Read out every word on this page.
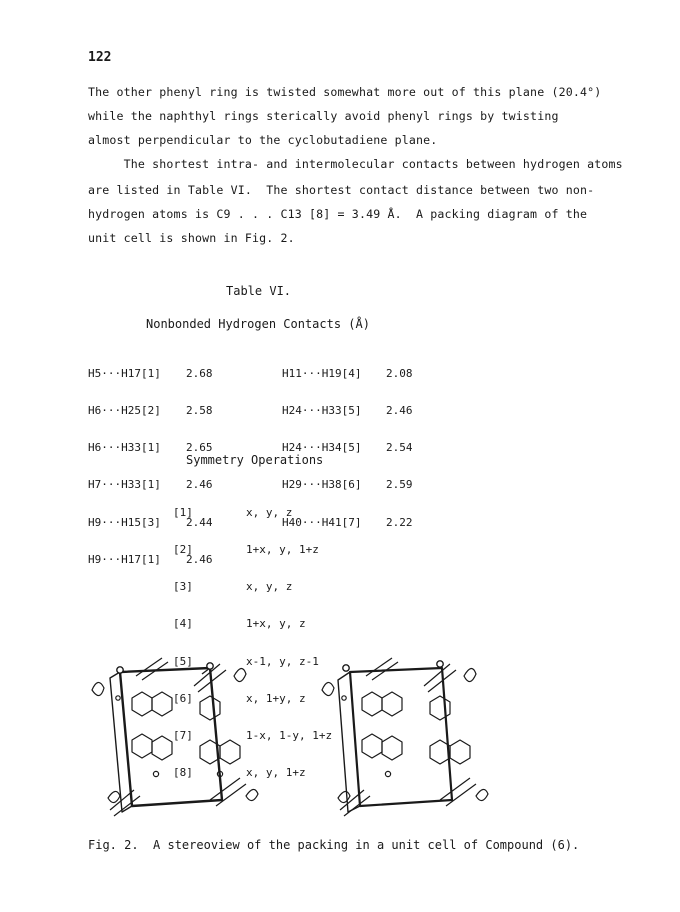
122
The other phenyl ring is twisted somewhat more out of this plane (20.4°)
while the naphthyl rings sterically avoid phenyl rings by twisting
almost perpendicular to the cyclobutadiene plane.
The shortest intra- and intermolecular contacts between hydrogen atoms
are listed in Table VI.  The shortest contact distance between two non-
hydrogen atoms is C9 . . . C13 [8] = 3.49 Å.  A packing diagram of the
unit cell is shown in Fig. 2.
Table VI.
Nonbonded Hydrogen Contacts (Å)

H5···H17[1]

H6···H25[2]

H6···H33[1]

H7···H33[1]

H9···H15[3]

H9···H17[1]

2.68

2.58

2.65

2.46

2.44

2.46

H11···H19[4]

H24···H33[5]

H24···H34[5]

H29···H38[6]

H40···H41[7]

2.08

2.46

2.54

2.59

2.22

Symmetry Operations

[1]

[2]

[3]

[4]

[5]

[6]

[7]

[8]

x, y, z

1+x, y, 1+z

x, y, z

1+x, y, z

x-1, y, z-1

x, 1+y, z

1-x, 1-y, 1+z

x, y, 1+z

Fig. 2.  A stereoview of the packing in a unit cell of Compound (6).
